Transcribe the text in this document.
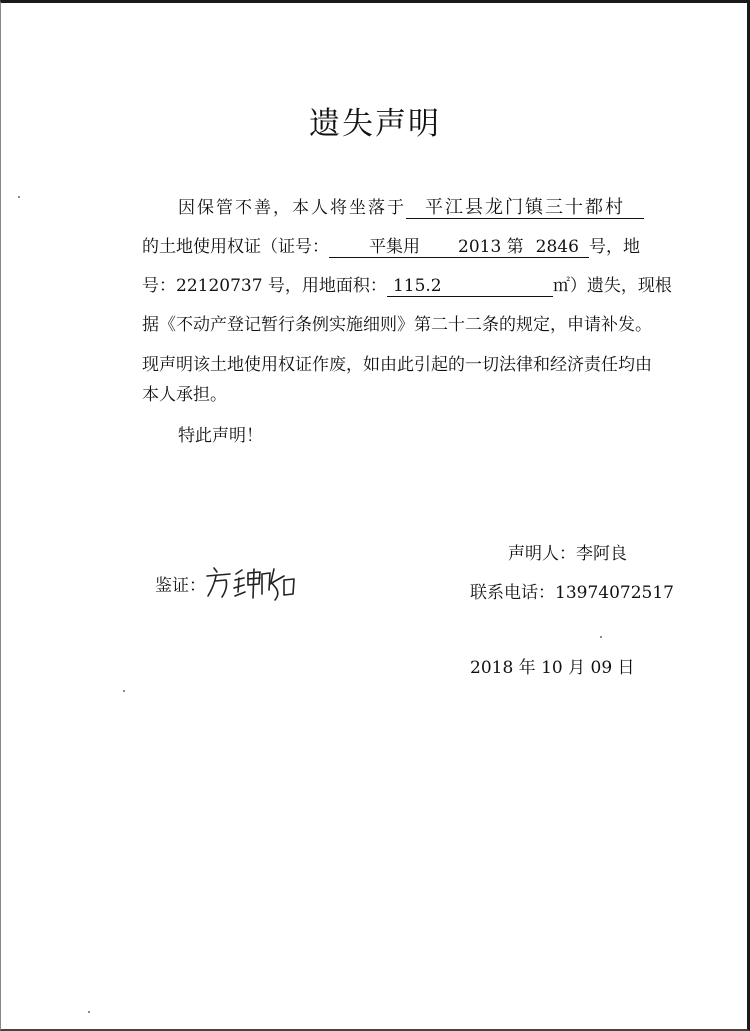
遗失声明
因保管不善，本人将坐落于 平江县龙门镇三十都村
的土地使用权证（证号： 平集用 2013 第 2846 号，地
号：22120737 号，用地面积： 115.2	㎡）遗失，现根
据《不动产登记暂行条例实施细则》第二十二条的规定，申请补发。
现声明该土地使用权证作废，如由此引起的一切法律和经济责任均由
本人承担。
特此声明！
声明人：李阿良
鉴证：	联系电话：13974072517
2018 年 10 月 09 日
